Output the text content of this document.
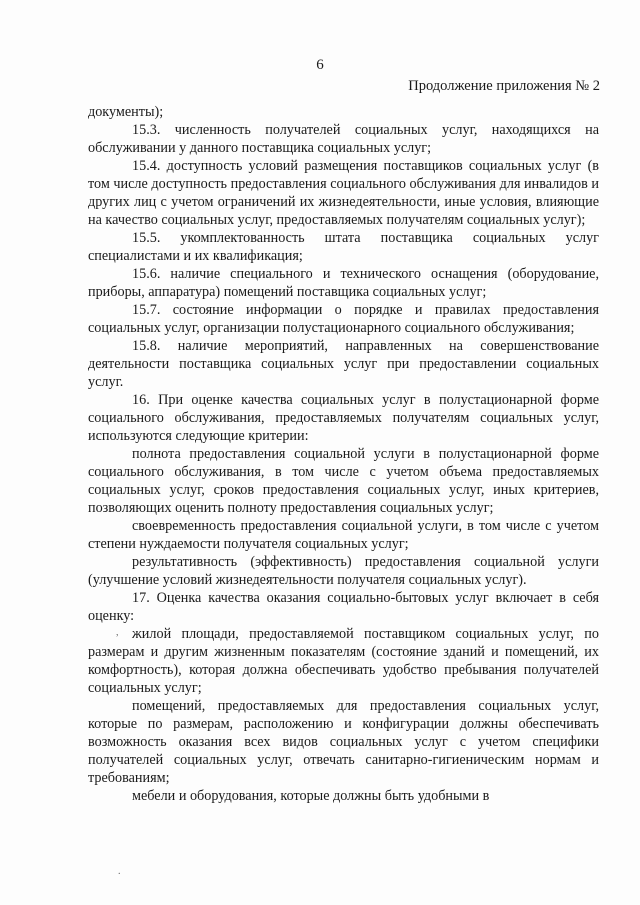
6
Продолжение приложения № 2

документы);

15.3. численность получателей социальных услуг, находящихся на обслуживании у данного поставщика социальных услуг;

15.4. доступность условий размещения поставщиков социальных услуг (в том числе доступность предоставления социального обслуживания для инвалидов и других лиц с учетом ограничений их жизнедеятельности, иные условия, влияющие на качество социальных услуг, предоставляемых получателям социальных услуг);

15.5. укомплектованность штата поставщика социальных услуг специалистами и их квалификация;

15.6. наличие специального и технического оснащения (оборудование, приборы, аппаратура) помещений поставщика социальных услуг;

15.7. состояние информации о порядке и правилах предоставления социальных услуг, организации полустационарного социального обслуживания;

15.8. наличие мероприятий, направленных на совершенствование деятельности поставщика социальных услуг при предоставлении социальных услуг.

16. При оценке качества социальных услуг в полустационарной форме социального обслуживания, предоставляемых получателям социальных услуг, используются следующие критерии:

полнота предоставления социальной услуги в полустационарной форме социального обслуживания, в том числе с учетом объема предоставляемых социальных услуг, сроков предоставления социальных услуг, иных критериев, позволяющих оценить полноту предоставления социальных услуг;

своевременность предоставления социальной услуги, в том числе с учетом степени нуждаемости получателя социальных услуг;

результативность (эффективность) предоставления социальной услуги (улучшение условий жизнедеятельности получателя социальных услуг).

17. Оценка качества оказания социально-бытовых услуг включает в себя оценку:

жилой площади, предоставляемой поставщиком социальных услуг, по размерам и другим жизненным показателям (состояние зданий и помещений, их комфортность), которая должна обеспечивать удобство пребывания получателей социальных услуг;

помещений, предоставляемых для предоставления социальных услуг, которые по размерам, расположению и конфигурации должны обеспечивать возможность оказания всех видов социальных услуг с учетом специфики получателей социальных услуг, отвечать санитарно-гигиеническим нормам и требованиям;

мебели и оборудования, которые должны быть удобными в

,
.
